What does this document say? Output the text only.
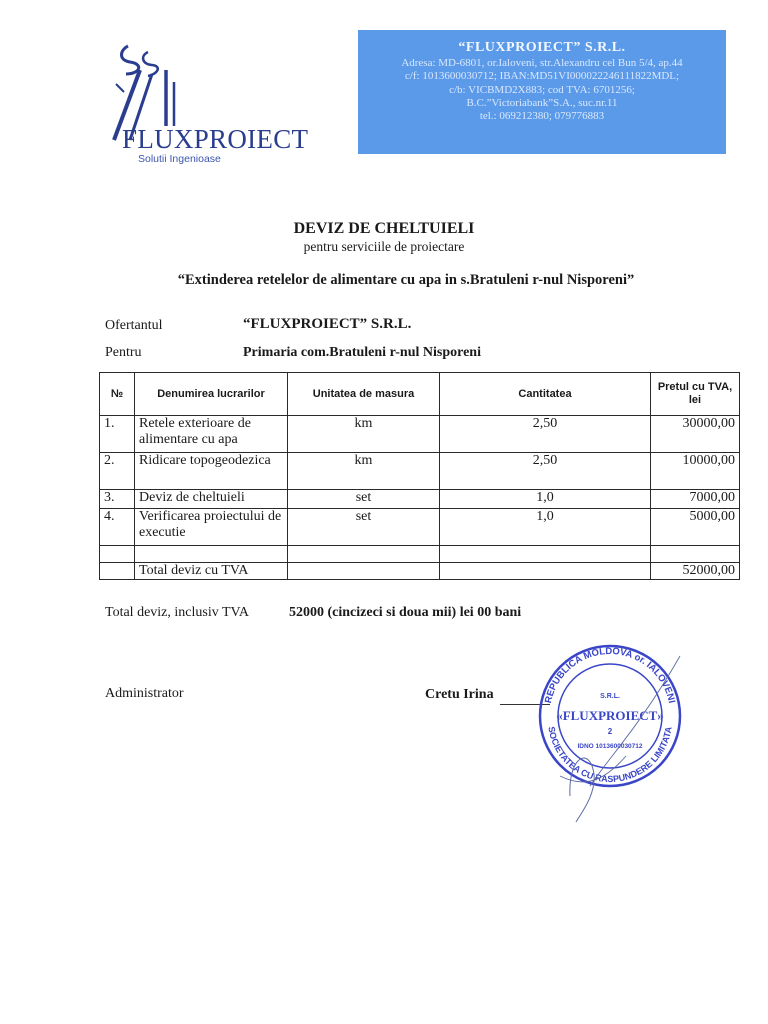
FLUXPROIECT
Solutii Ingenioase
“FLUXPROIECT” S.R.L.
Adresa: MD-6801, or.Ialoveni, str.Alexandru cel Bun 5/4, ap.44
c/f: 1013600030712; IBAN:MD51VI000022246111822MDL;
c/b: VICBMD2X883; cod TVA: 6701256;
B.C.”Victoriabank”S.A., suc.nr.11
tel.: 069212380; 079776883
DEVIZ DE CHELTUIELI
pentru serviciile de proiectare
“Extinderea retelelor de alimentare cu apa in s.Bratuleni r-nul Nisporeni”
Ofertantul	“FLUXPROIECT” S.R.L.
Pentru	Primaria com.Bratuleni r-nul Nisporeni
№	Denumirea lucrarilor	Unitatea de masura	Cantitatea	Pretul cu TVA, lei
1.	Retele exterioare de alimentare cu apa	km	2,50	30000,00
2.	Ridicare topogeodezica	km	2,50	10000,00
3.	Deviz de cheltuieli	set	1,0	7000,00
4.	Verificarea proiectului de executie	set	1,0	5000,00

	Total deviz cu TVA			52000,00
Total deviz, inclusiv TVA	52000 (cincizeci si doua mii) lei 00 bani
Administrator	Cretu Irina	REPUBLICA MOLDOVA or. IALOVENI
SOCIETATEA CU RASPUNDERE LIMITATA
S.R.L.
«FLUXPROIECT»
2
IDNO 1013600030712
